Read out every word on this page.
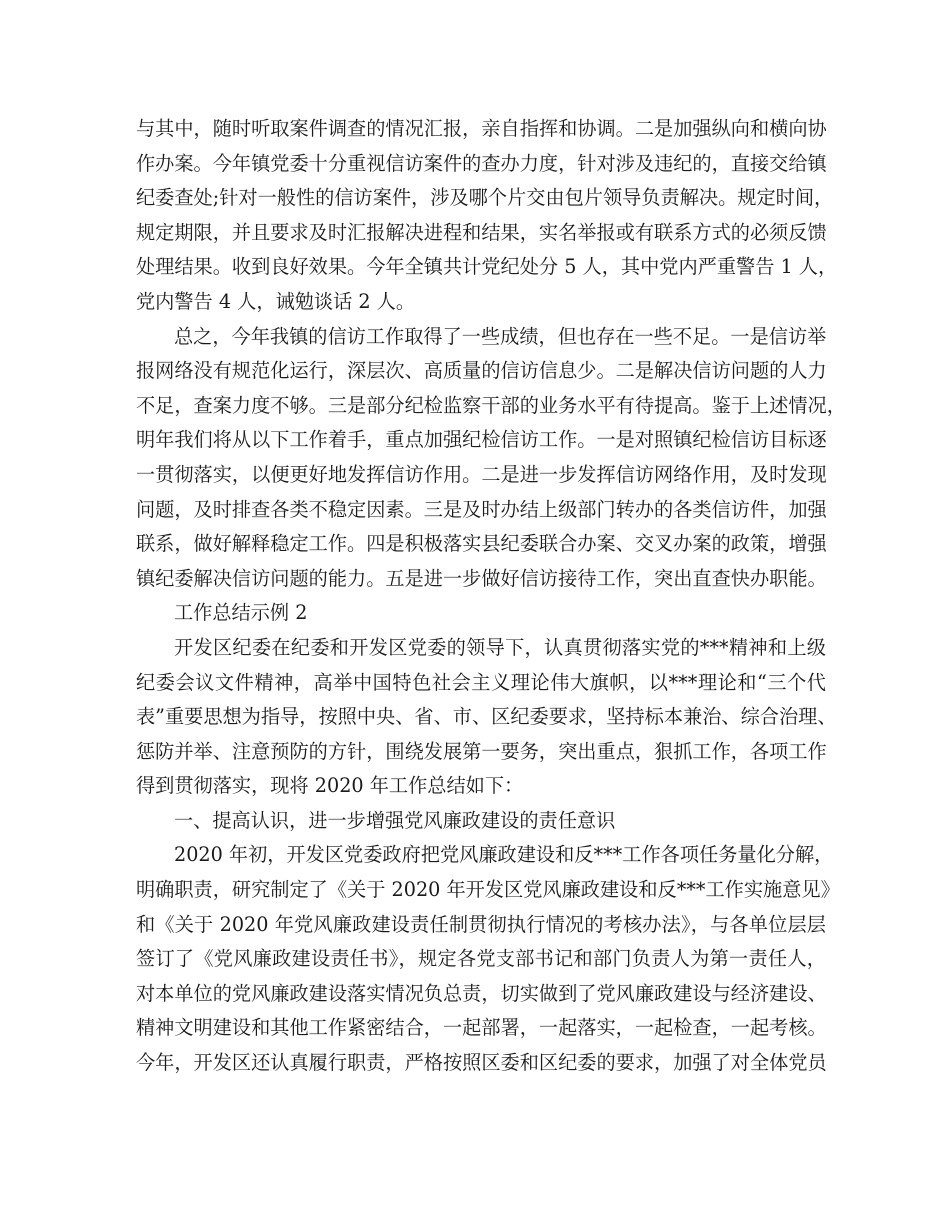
与其中，随时听取案件调查的情况汇报，亲自指挥和协调。二是加强纵向和横向协
作办案。今年镇党委十分重视信访案件的查办力度，针对涉及违纪的，直接交给镇
纪委查处;针对一般性的信访案件，涉及哪个片交由包片领导负责解决。规定时间，
规定期限，并且要求及时汇报解决进程和结果，实名举报或有联系方式的必须反馈
处理结果。收到良好效果。今年全镇共计党纪处分 5 人，其中党内严重警告 1 人，
党内警告 4 人，诫勉谈话 2 人。
总之，今年我镇的信访工作取得了一些成绩，但也存在一些不足。一是信访举
报网络没有规范化运行，深层次、高质量的信访信息少。二是解决信访问题的人力
不足，查案力度不够。三是部分纪检监察干部的业务水平有待提高。鉴于上述情况，
明年我们将从以下工作着手，重点加强纪检信访工作。一是对照镇纪检信访目标逐
一贯彻落实，以便更好地发挥信访作用。二是进一步发挥信访网络作用，及时发现
问题，及时排查各类不稳定因素。三是及时办结上级部门转办的各类信访件，加强
联系，做好解释稳定工作。四是积极落实县纪委联合办案、交叉办案的政策，增强
镇纪委解决信访问题的能力。五是进一步做好信访接待工作，突出直查快办职能。
工作总结示例 2
开发区纪委在纪委和开发区党委的领导下，认真贯彻落实党的***精神和上级
纪委会议文件精神，高举中国特色社会主义理论伟大旗帜，以***理论和“三个代
表”重要思想为指导，按照中央、省、市、区纪委要求，坚持标本兼治、综合治理、
惩防并举、注意预防的方针，围绕发展第一要务，突出重点，狠抓工作，各项工作
得到贯彻落实，现将 2020 年工作总结如下：
一、提高认识，进一步增强党风廉政建设的责任意识
2020 年初，开发区党委政府把党风廉政建设和反***工作各项任务量化分解，
明确职责，研究制定了《关于 2020 年开发区党风廉政建设和反***工作实施意见》
和《关于 2020 年党风廉政建设责任制贯彻执行情况的考核办法》，与各单位层层
签订了《党风廉政建设责任书》，规定各党支部书记和部门负责人为第一责任人，
对本单位的党风廉政建设落实情况负总责，切实做到了党风廉政建设与经济建设、
精神文明建设和其他工作紧密结合，一起部署，一起落实，一起检查，一起考核。
今年，开发区还认真履行职责，严格按照区委和区纪委的要求，加强了对全体党员
